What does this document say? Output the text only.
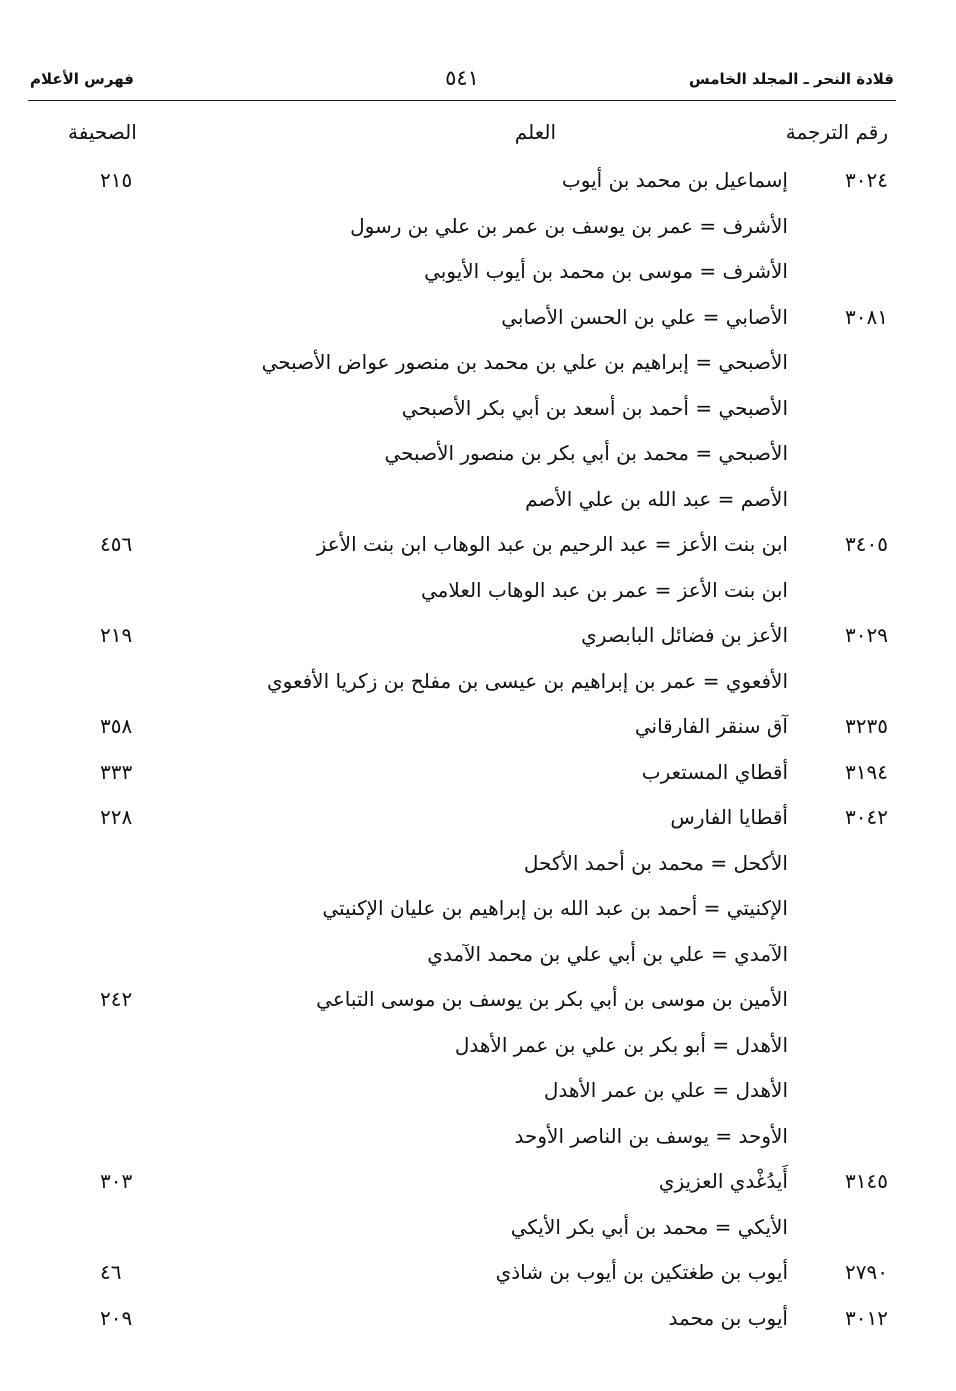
قلادة النحر ـ المجلد الخامس
٥٤١
فهرس الأعلام
رقم الترجمة
العلم
الصحيفة
٣٠٢٤
إسماعيل بن محمد بن أيوب
٢١٥
الأشرف = عمر بن يوسف بن عمر بن علي بن رسول
الأشرف = موسى بن محمد بن أيوب الأيوبي
٣٠٨١
الأصابي = علي بن الحسن الأصابي
الأصبحي = إبراهيم بن علي بن محمد بن منصور عواض الأصبحي
الأصبحي = أحمد بن أسعد بن أبي بكر الأصبحي
الأصبحي = محمد بن أبي بكر بن منصور الأصبحي
الأصم = عبد الله بن علي الأصم
٣٤٠٥
ابن بنت الأعز = عبد الرحيم بن عبد الوهاب ابن بنت الأعز
٤٥٦
ابن بنت الأعز = عمر بن عبد الوهاب العلامي
٣٠٢٩
الأعز بن فضائل البابصري
٢١٩
الأفعوي = عمر بن إبراهيم بن عيسى بن مفلح بن زكريا الأفعوي
٣٢٣٥
آق سنقر الفارقاني
٣٥٨
٣١٩٤
أقطاي المستعرب
٣٣٣
٣٠٤٢
أقطايا الفارس
٢٢٨
الأكحل = محمد بن أحمد الأكحل
الإكنيتي = أحمد بن عبد الله بن إبراهيم بن عليان الإكنيتي
الآمدي = علي بن أبي علي بن محمد الآمدي
الأمين بن موسى بن أبي بكر بن يوسف بن موسى التباعي
٢٤٢
الأهدل = أبو بكر بن علي بن عمر الأهدل
الأهدل = علي بن عمر الأهدل
الأوحد = يوسف بن الناصر الأوحد
٣١٤٥
أَيدُغْدي العزيزي
٣٠٣
الأيكي = محمد بن أبي بكر الأيكي
٢٧٩٠
أيوب بن طغتكين بن أيوب بن شاذي
٤٦
٣٠١٢
أيوب بن محمد
٢٠٩
